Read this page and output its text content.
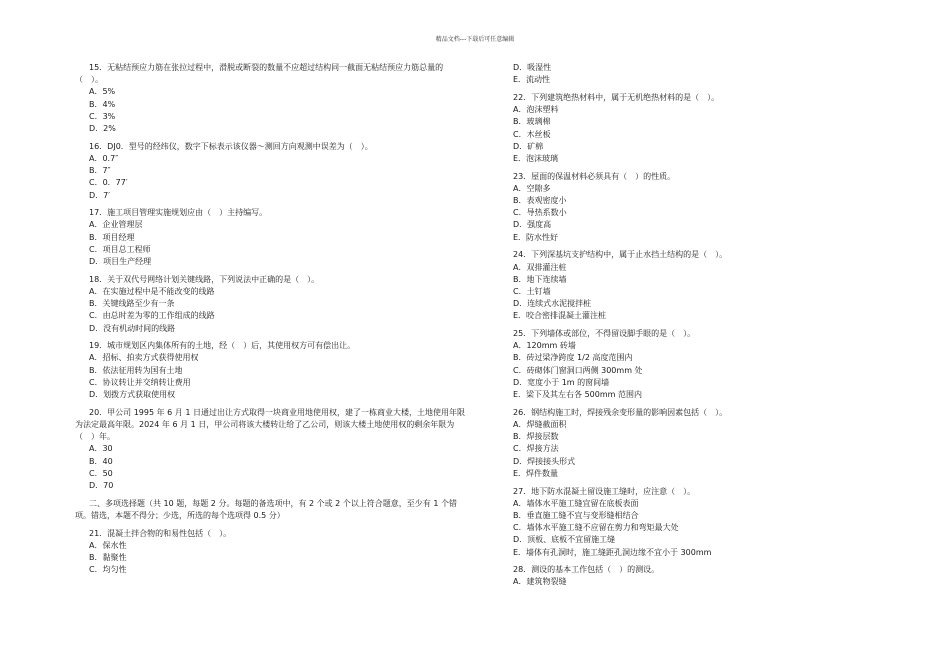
精品文档---下载后可任意编辑
15．无粘结预应力筋在张拉过程中，滑脱或断裂的数量不应超过结构同一截面无粘结预应力筋总量的（　）。
A．5%
B．4%
C．3%
D．2%
16．DJ0．型号的经纬仪，数字下标表示该仪器～测回方向观测中误差为（　）。
A．0.7″
B．7″
C．0．77′
D．7′
17．施工项目管理实施规划应由（　）主持编写。
A．企业管理层
B．项目经理
C．项目总工程师
D．项目生产经理
18．关于双代号网络计划关键线路，下列说法中正确的是（　）。
A．在实施过程中是不能改变的线路
B．关键线路至少有一条
C．由总时差为零的工作组成的线路
D．没有机动时间的线路
19．城市规划区内集体所有的土地，经（　）后，其使用权方可有偿出让。
A．招标、拍卖方式获得使用权
B．依法征用转为国有土地
C．协议转让并交纳转让费用
D．划拨方式获取使用权
20．甲公司 1995 年 6 月 1 日通过出让方式取得一块商业用地使用权，建了一栋商业大楼，土地使用年限为法定最高年限。2024 年 6 月 1 日，甲公司将该大楼转让给了乙公司，则该大楼土地使用权的剩余年限为（　）年。
A．30
B．40
C．50
D．70
二、多项选择题（共 10 题，每题 2 分。每题的备选项中，有 2 个或 2 个以上符合题意，至少有 1 个错项。错选，本题不得分；少选，所选的每个选项得 0.5 分）
21．混凝土拌合物的和易性包括（　）。
A．保水性
B．黏聚性
C．均匀性
D．吸湿性
E．流动性
22．下列建筑绝热材料中，属于无机绝热材料的是（　）。
A．泡沫塑料
B．玻璃棉
C．木丝板
D．矿棉
E．泡沫玻璃
23．屋面的保温材料必须具有（　）的性质。
A．空隙多
B．表观密度小
C．导热系数小
D．强度高
E．防水性好
24．下列深基坑支护结构中，属于止水挡土结构的是（　）。
A．双排灌注桩
B．地下连续墙
C．土钉墙
D．连续式水泥搅拌桩
E．咬合密排混凝土灌注桩
25．下列墙体或部位，不得留设脚手眼的是（　）。
A．120mm 砖墙
B．砖过梁净跨度 1/2 高度范围内
C．砖砌体门窗洞口两侧 300mm 处
D．宽度小于 1m 的窗间墙
E．梁下及其左右各 500mm 范围内
26．钢结构施工时，焊接残余变形量的影响因素包括（　）。
A．焊缝截面积
B．焊接层数
C．焊接方法
D．焊接接头形式
E．焊件数量
27．地下防水混凝土留设施工缝时，应注意（　）。
A．墙体水平施工缝宜留在底板表面
B．垂直施工缝不宜与变形缝相结合
C．墙体水平施工缝不应留在剪力和弯矩最大处
D．顶板、底板不宜留施工缝
E．墙体有孔洞时，施工缝距孔洞边缘不宜小于 300mm
28．测设的基本工作包括（　）的测设。
A．建筑物裂缝
